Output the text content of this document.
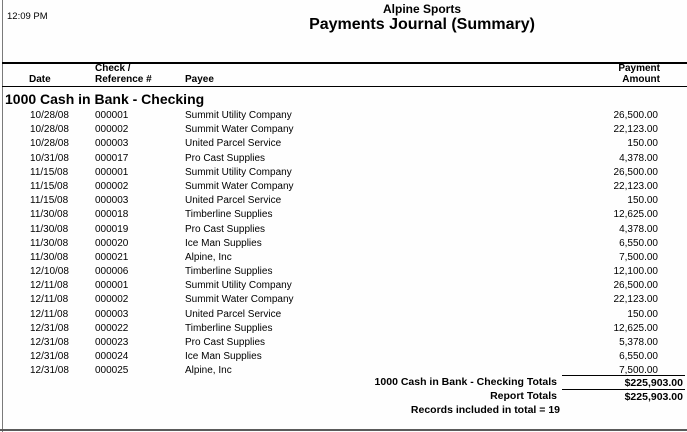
12:09 PM
Alpine Sports
Payments Journal (Summary)
Check /	Payment
Date	Reference #	Payee	Amount
1000 Cash in Bank - Checking
10/28/08	000001	Summit Utility Company	26,500.00
10/28/08	000002	Summit Water Company	22,123.00
10/28/08	000003	United Parcel Service	150.00
10/31/08	000017	Pro Cast Supplies	4,378.00
11/15/08	000001	Summit Utility Company	26,500.00
11/15/08	000002	Summit Water Company	22,123.00
11/15/08	000003	United Parcel Service	150.00
11/30/08	000018	Timberline Supplies	12,625.00
11/30/08	000019	Pro Cast Supplies	4,378.00
11/30/08	000020	Ice Man Supplies	6,550.00
11/30/08	000021	Alpine, Inc	7,500.00
12/10/08	000006	Timberline Supplies	12,100.00
12/11/08	000001	Summit Utility Company	26,500.00
12/11/08	000002	Summit Water Company	22,123.00
12/11/08	000003	United Parcel Service	150.00
12/31/08	000022	Timberline Supplies	12,625.00
12/31/08	000023	Pro Cast Supplies	5,378.00
12/31/08	000024	Ice Man Supplies	6,550.00
12/31/08	000025	Alpine, Inc	7,500.00
1000 Cash in Bank - Checking Totals	$225,903.00
Report Totals	$225,903.00
Records included in total = 19
